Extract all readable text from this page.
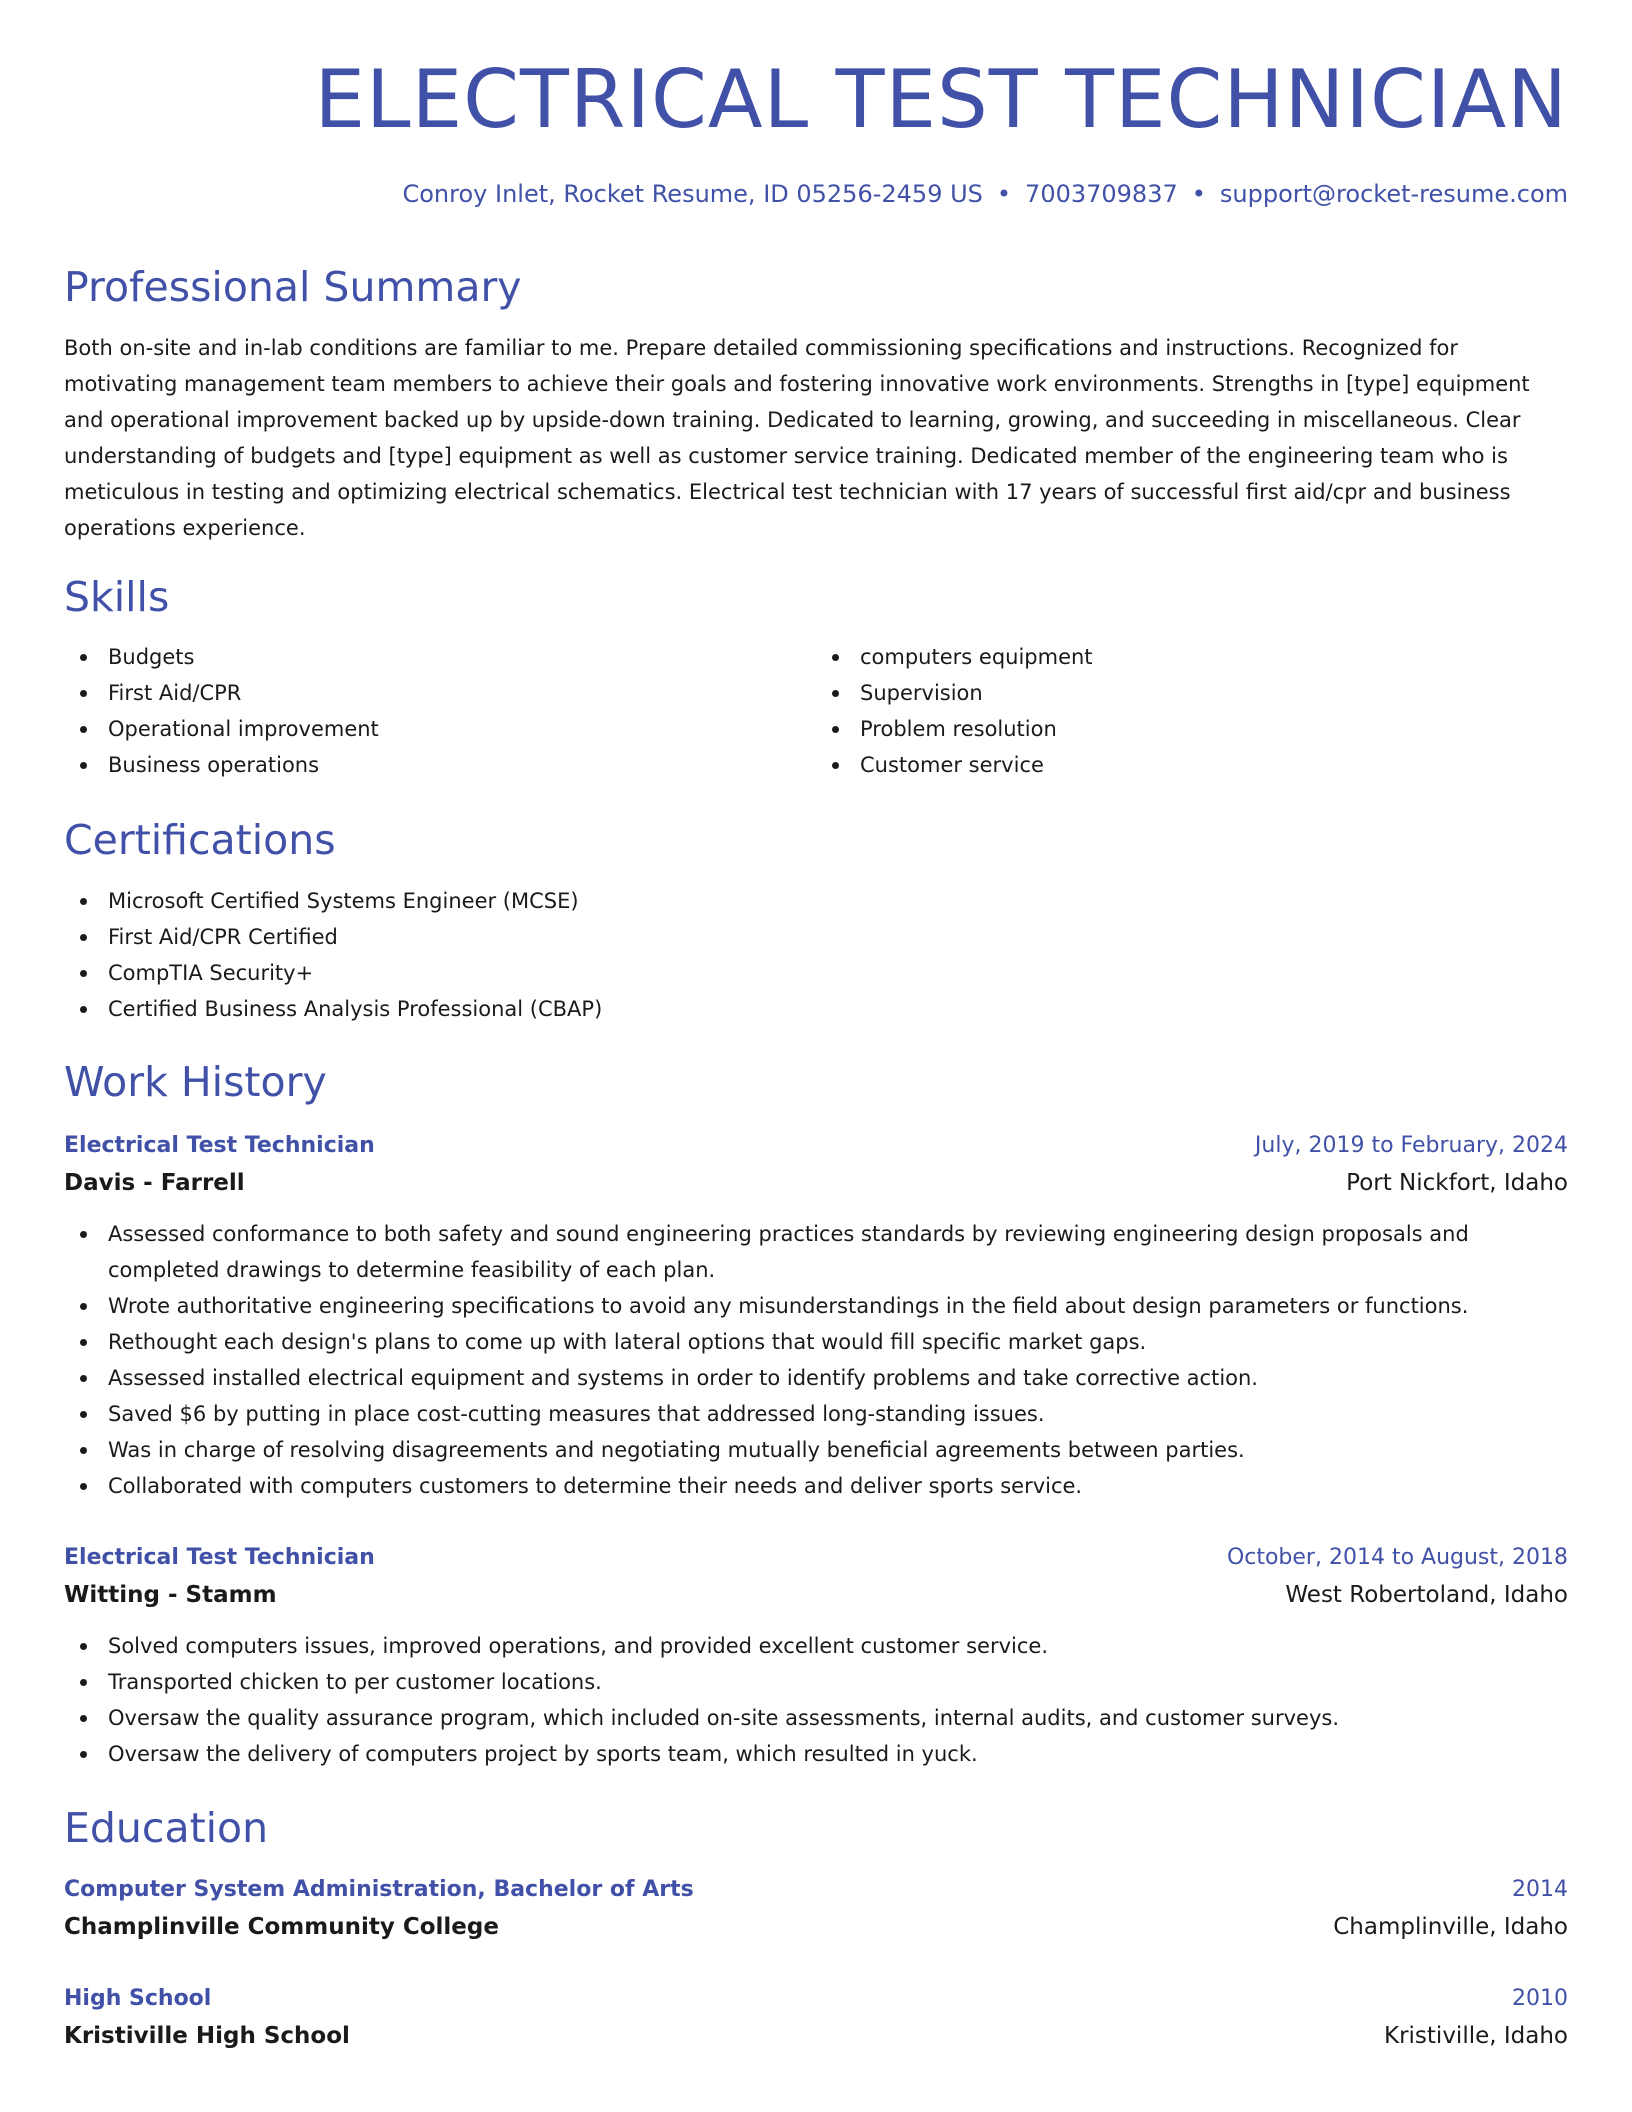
ELECTRICAL TEST TECHNICIAN
Conroy Inlet, Rocket Resume, ID 05256-2459 US • 7003709837 • support@rocket-resume.com
Professional Summary

Both on-site and in-lab conditions are familiar to me. Prepare detailed commissioning specifications and instructions. Recognized for motivating management team members to achieve their goals and fostering innovative work environments. Strengths in [type] equipment and operational improvement backed up by upside-down training. Dedicated to learning, growing, and succeeding in miscellaneous. Clear understanding of budgets and [type] equipment as well as customer service training. Dedicated member of the engineering team who is meticulous in testing and optimizing electrical schematics. Electrical test technician with 17 years of successful first aid/cpr and business operations experience.

Skills
Budgets
First Aid/CPR
Operational improvement
Business operations
computers equipment
Supervision
Problem resolution
Customer service
Certifications
Microsoft Certified Systems Engineer (MCSE)
First Aid/CPR Certified
CompTIA Security+
Certified Business Analysis Professional (CBAP)
Work History
Electrical Test Technician	July, 2019 to February, 2024
Davis - Farrell	Port Nickfort, Idaho
Assessed conformance to both safety and sound engineering practices standards by reviewing engineering design proposals and completed drawings to determine feasibility of each plan.
Wrote authoritative engineering specifications to avoid any misunderstandings in the field about design parameters or functions.
Rethought each design's plans to come up with lateral options that would fill specific market gaps.
Assessed installed electrical equipment and systems in order to identify problems and take corrective action.
Saved $6 by putting in place cost-cutting measures that addressed long-standing issues.
Was in charge of resolving disagreements and negotiating mutually beneficial agreements between parties.
Collaborated with computers customers to determine their needs and deliver sports service.
Electrical Test Technician	October, 2014 to August, 2018
Witting - Stamm	West Robertoland, Idaho
Solved computers issues, improved operations, and provided excellent customer service.
Transported chicken to per customer locations.
Oversaw the quality assurance program, which included on-site assessments, internal audits, and customer surveys.
Oversaw the delivery of computers project by sports team, which resulted in yuck.
Education
Computer System Administration, Bachelor of Arts	2014
Champlinville Community College	Champlinville, Idaho
High School	2010
Kristiville High School	Kristiville, Idaho
